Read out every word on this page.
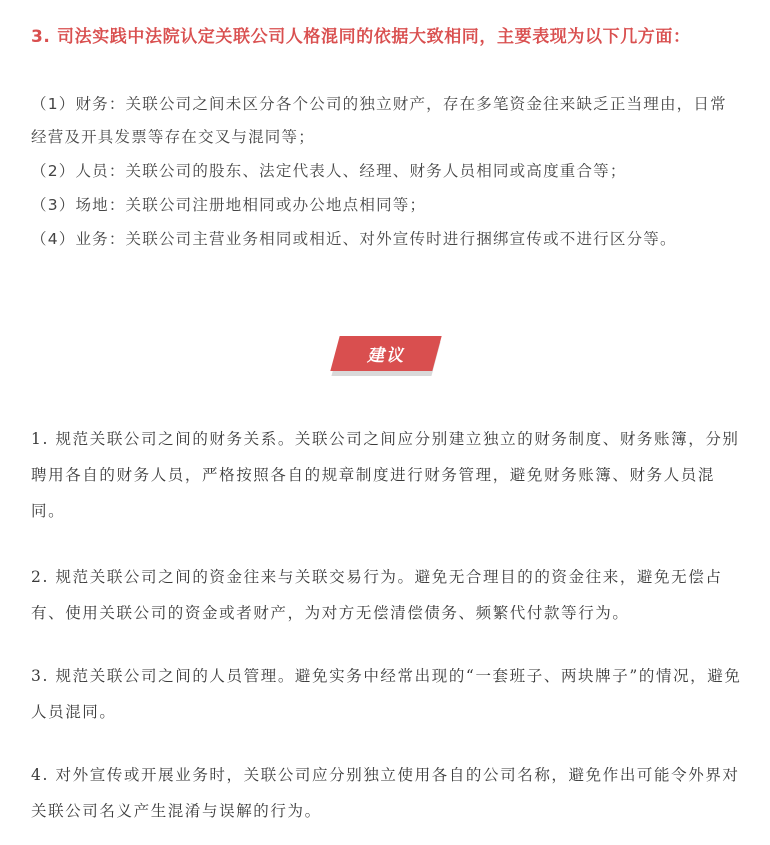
3. 司法实践中法院认定关联公司人格混同的依据大致相同，主要表现为以下几方面：

（1）财务：关联公司之间未区分各个公司的独立财产，存在多笔资金往来缺乏正当理由，日常经营及开具发票等存在交叉与混同等；

（2）人员：关联公司的股东、法定代表人、经理、财务人员相同或高度重合等；

（3）场地：关联公司注册地相同或办公地点相同等；

（4）业务：关联公司主营业务相同或相近、对外宣传时进行捆绑宣传或不进行区分等。

建议

1. 规范关联公司之间的财务关系。关联公司之间应分别建立独立的财务制度、财务账簿，分别聘用各自的财务人员，严格按照各自的规章制度进行财务管理，避免财务账簿、财务人员混同。

2. 规范关联公司之间的资金往来与关联交易行为。避免无合理目的的资金往来，避免无偿占有、使用关联公司的资金或者财产，为对方无偿清偿债务、频繁代付款等行为。

3. 规范关联公司之间的人员管理。避免实务中经常出现的“一套班子、两块牌子”的情况，避免人员混同。

4. 对外宣传或开展业务时，关联公司应分别独立使用各自的公司名称，避免作出可能令外界对关联公司名义产生混淆与误解的行为。
